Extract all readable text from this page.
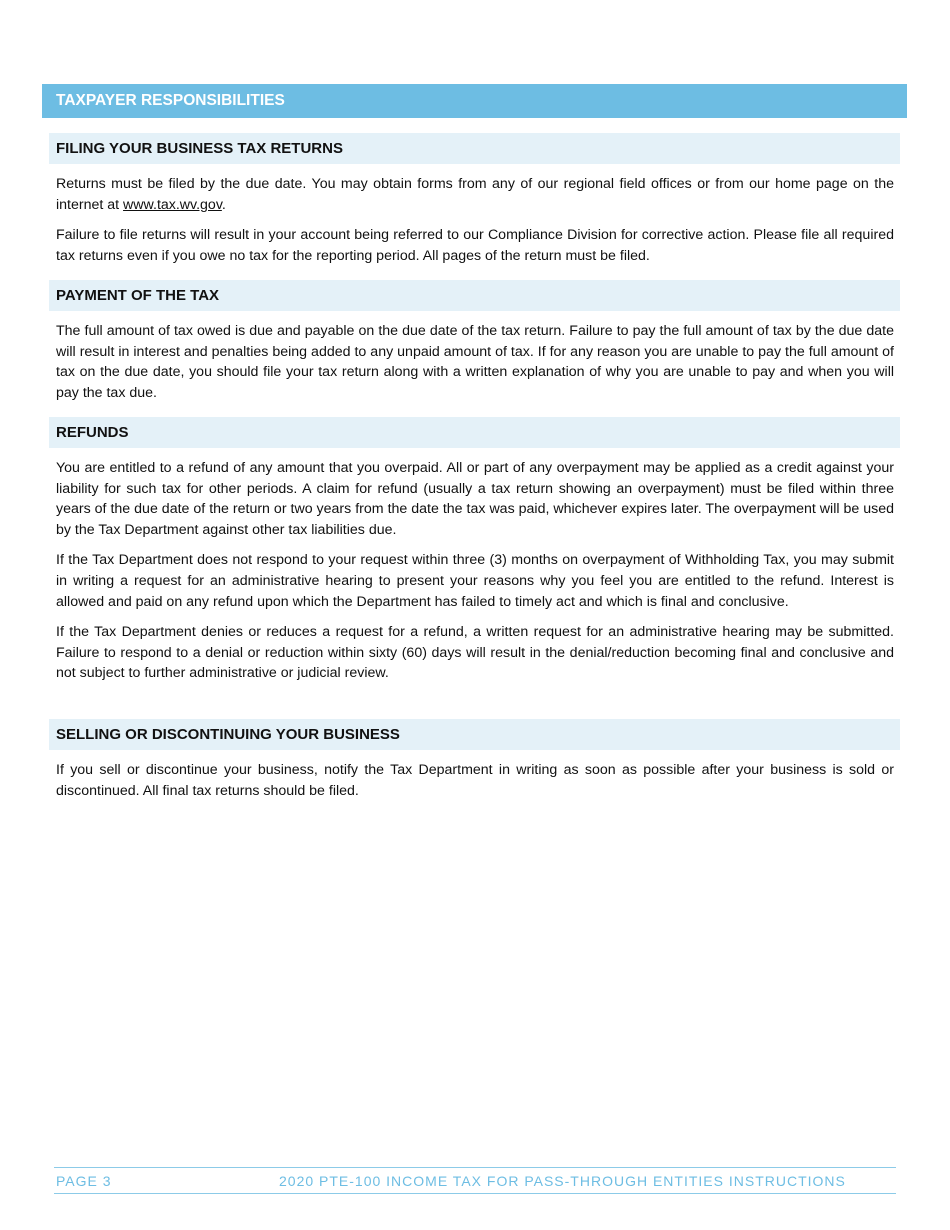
TAXPAYER RESPONSIBILITIES
FILING YOUR BUSINESS TAX RETURNS

Returns must be filed by the due date. You may obtain forms from any of our regional field offices or from our home page on the internet at www.tax.wv.gov.

Failure to file returns will result in your account being referred to our Compliance Division for corrective action. Please file all required tax returns even if you owe no tax for the reporting period. All pages of the return must be filed.

PAYMENT OF THE TAX

The full amount of tax owed is due and payable on the due date of the tax return. Failure to pay the full amount of tax by the due date will result in interest and penalties being added to any unpaid amount of tax. If for any reason you are unable to pay the full amount of tax on the due date, you should file your tax return along with a written explanation of why you are unable to pay and when you will pay the tax due.

REFUNDS

You are entitled to a refund of any amount that you overpaid. All or part of any overpayment may be applied as a credit against your liability for such tax for other periods. A claim for refund (usually a tax return showing an overpayment) must be filed within three years of the due date of the return or two years from the date the tax was paid, whichever expires later. The overpayment will be used by the Tax Department against other tax liabilities due.

If the Tax Department does not respond to your request within three (3) months on overpayment of Withholding Tax, you may submit in writing a request for an administrative hearing to present your reasons why you feel you are entitled to the refund. Interest is allowed and paid on any refund upon which the Department has failed to timely act and which is final and conclusive.

If the Tax Department denies or reduces a request for a refund, a written request for an administrative hearing may be submitted. Failure to respond to a denial or reduction within sixty (60) days will result in the denial/reduction becoming final and conclusive and not subject to further administrative or judicial review.

SELLING OR DISCONTINUING YOUR BUSINESS

If you sell or discontinue your business, notify the Tax Department in writing as soon as possible after your business is sold or discontinued. All final tax returns should be filed.

PAGE 3	2020 PTE-100 INCOME TAX FOR PASS-THROUGH ENTITIES INSTRUCTIONS
